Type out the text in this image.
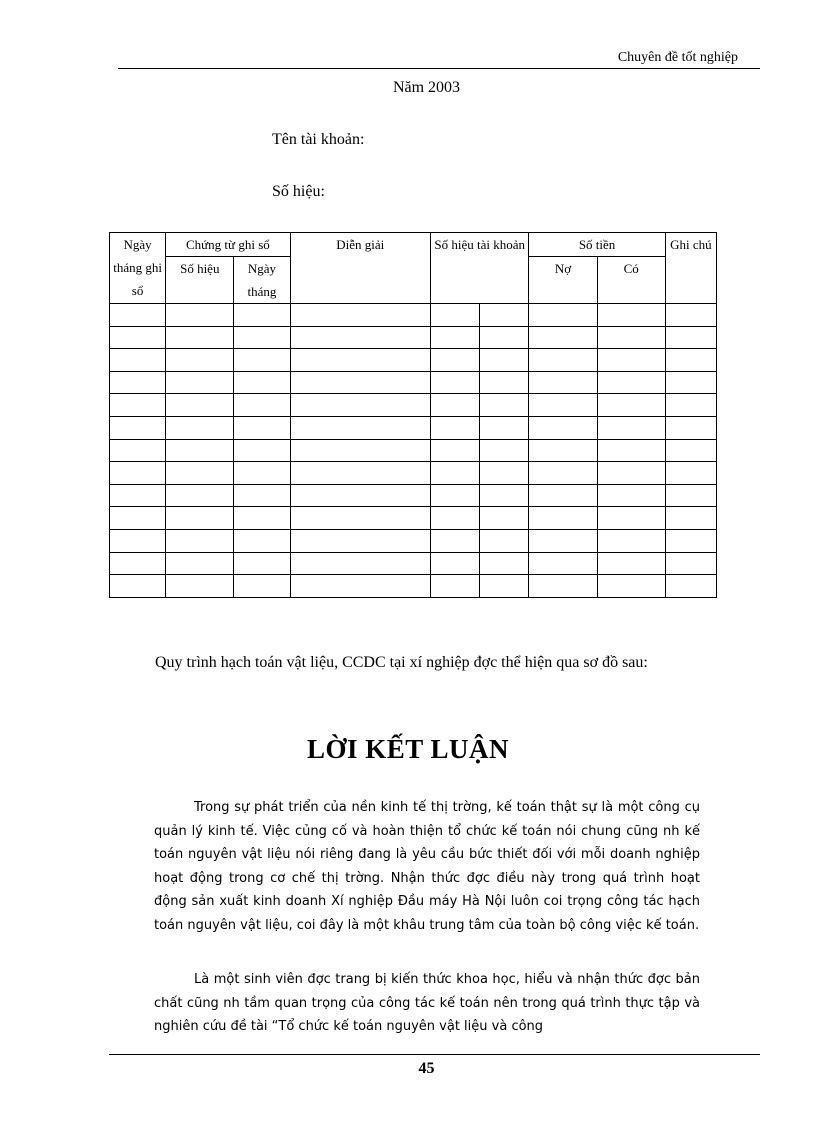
Chuyên đề tốt nghiệp
Năm 2003
Tên tài khoản:
Số hiệu:
Ngày tháng ghi sổ	Chứng từ ghi sổ		Diễn giải	Số hiệu tài khoản		Số tiền		Ghi chú
	Số hiệu	Ngày tháng				Nợ	Có	

Quy trình hạch toán vật liệu, CCDC tại xí nghiệp đợc thể hiện qua sơ đồ sau:
LỜI KẾT LUẬN
Trong sự phát triển của nền kinh tế thị trờng, kế toán thật sự là một công cụ quản lý kinh tế. Việc củng cố và hoàn thiện tổ chức kế toán nói chung cũng nh kế toán nguyên vật liệu nói riêng đang là yêu cầu bức thiết đối với mỗi doanh nghiệp hoạt động trong cơ chế thị trờng. Nhận thức đợc điều này trong quá trình hoạt động sản xuất kinh doanh Xí nghiệp Đầu máy Hà Nội luôn coi trọng công tác hạch toán nguyên vật liệu, coi đây là một khâu trung tâm của toàn bộ công việc kế toán.
Là một sinh viên đợc trang bị kiến thức khoa học, hiểu và nhận thức đợc bản chất cũng nh tầm quan trọng của công tác kế toán nên trong quá trình thực tập và nghiên cứu đề tài “Tổ chức kế toán nguyên vật liệu và công
45
